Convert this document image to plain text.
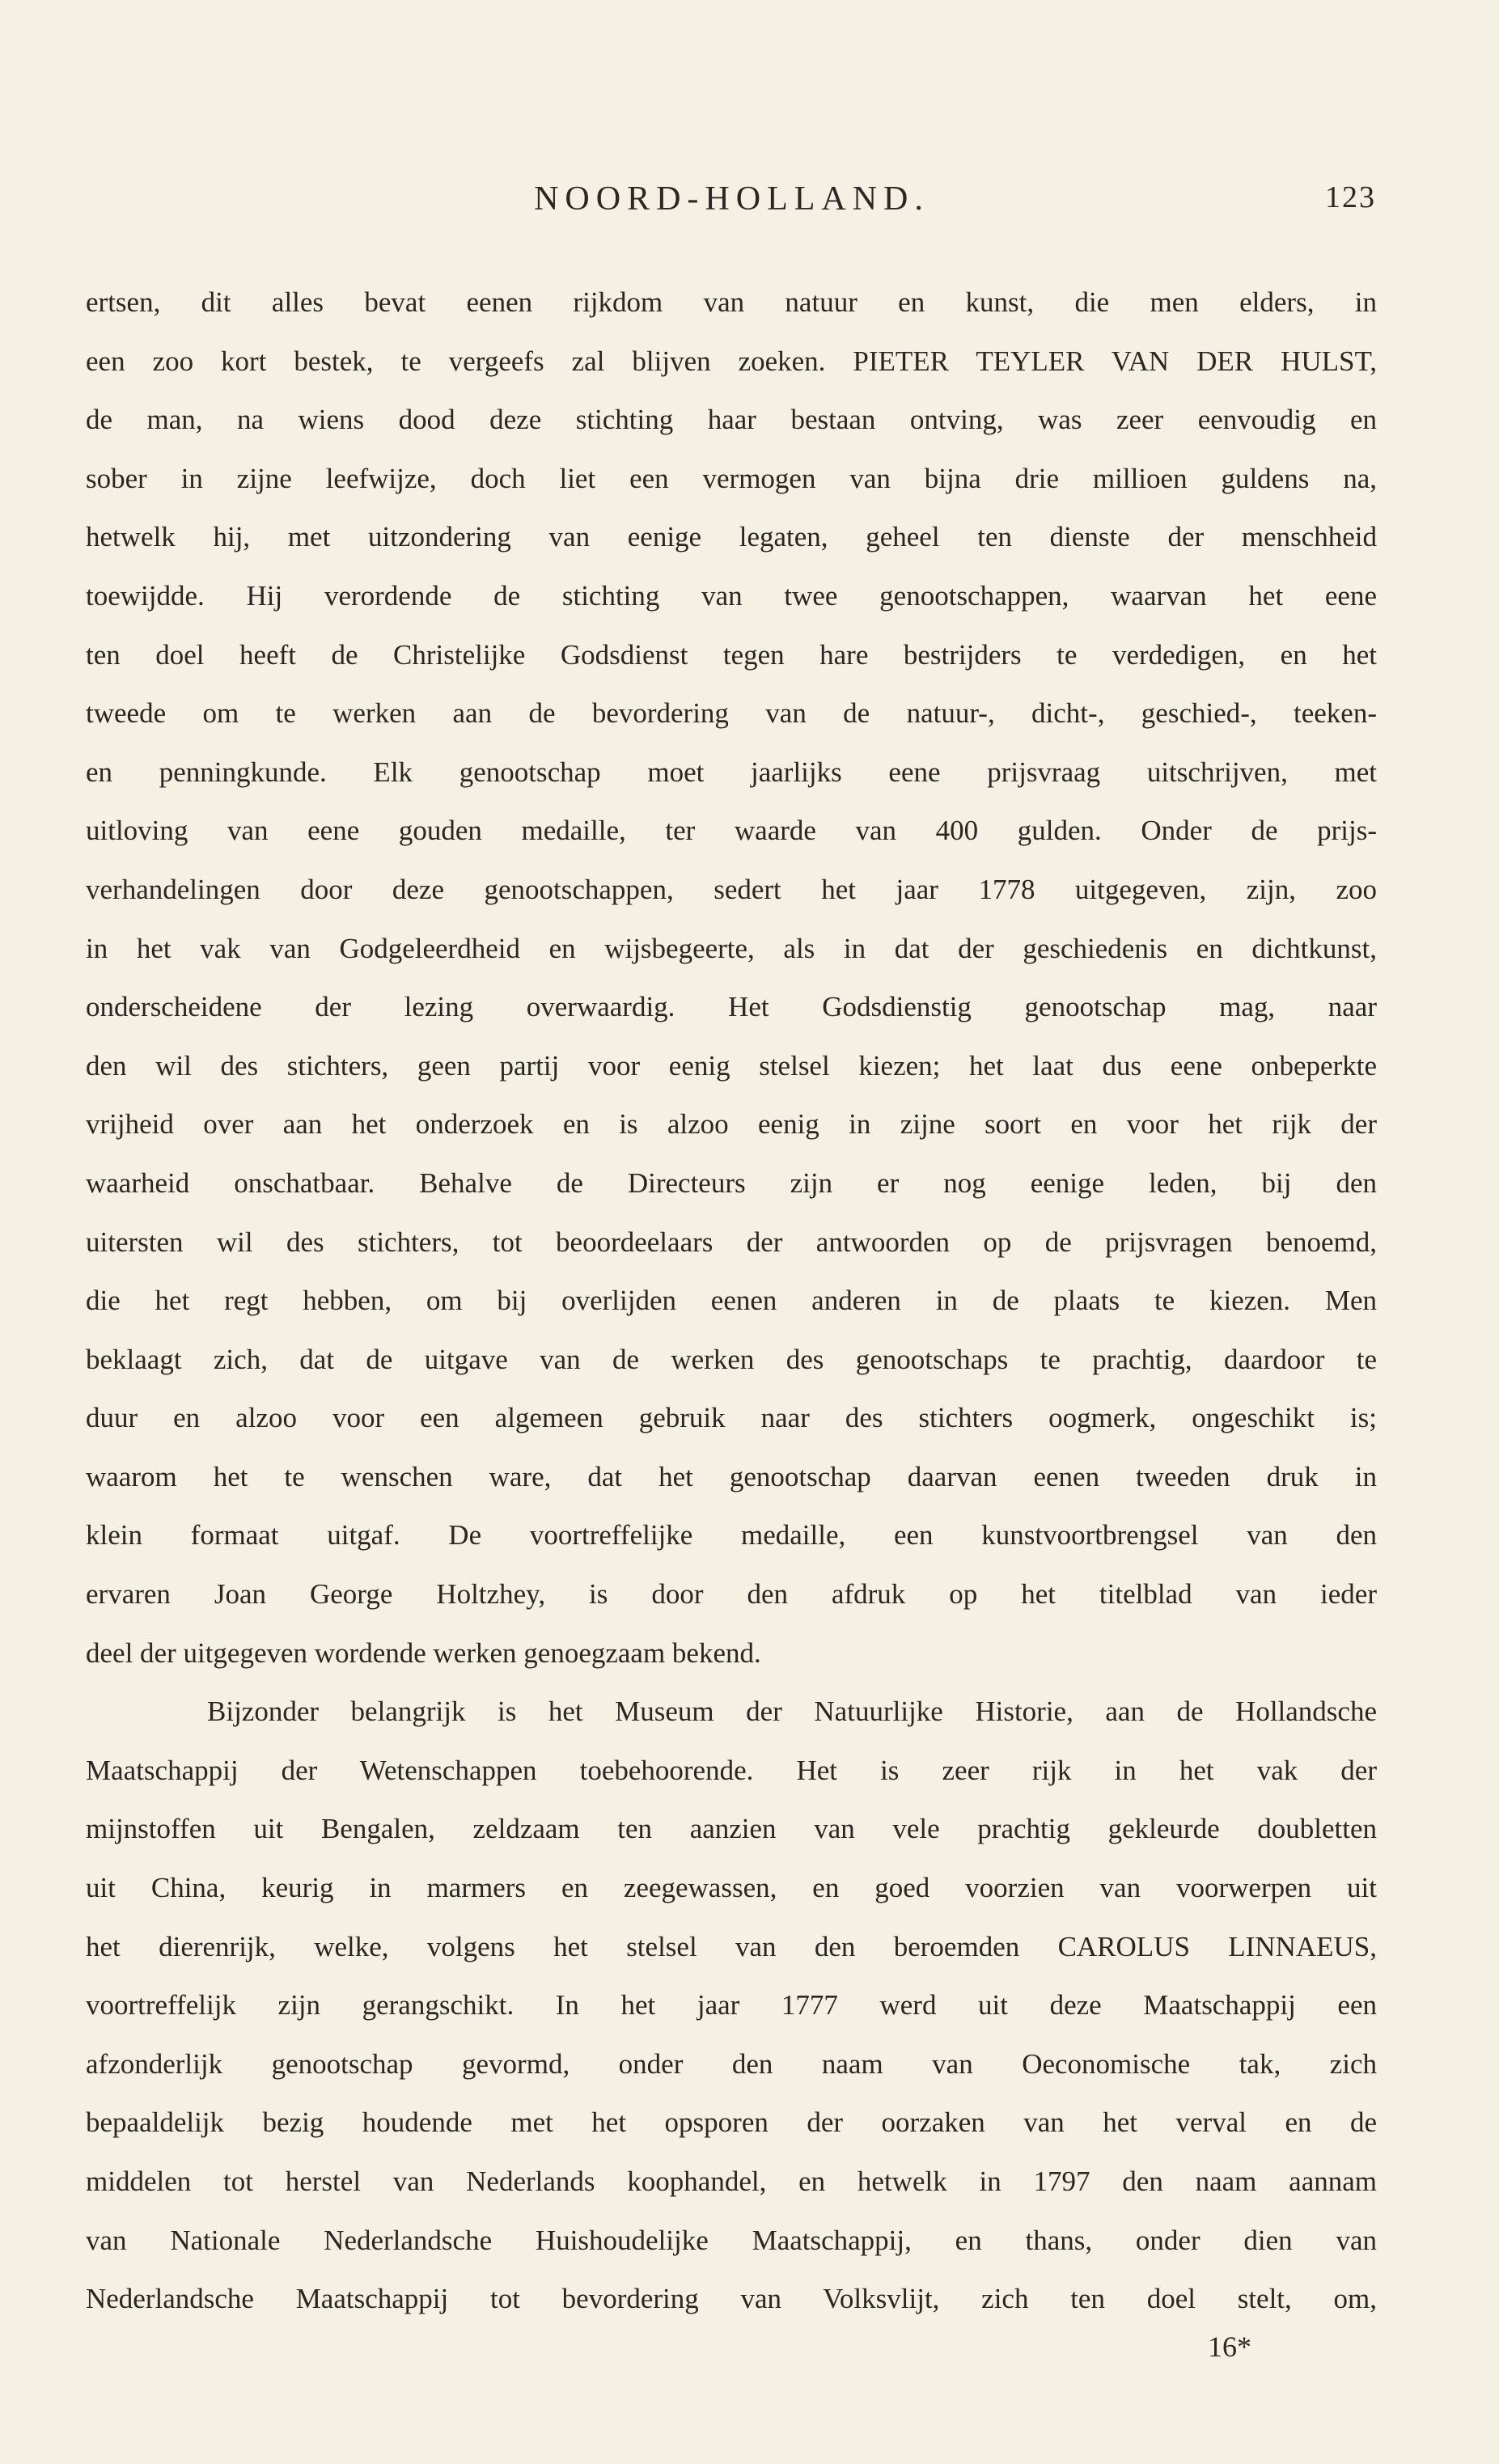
NOORD-HOLLAND.	123
ertsen, dit alles bevat eenen rijkdom van natuur en kunst, die men elders, in
een zoo kort bestek, te vergeefs zal blijven zoeken. PIETER TEYLER VAN DER HULST,
de man, na wiens dood deze stichting haar bestaan ontving, was zeer eenvoudig en
sober in zijne leefwijze, doch liet een vermogen van bijna drie millioen guldens na,
hetwelk hij, met uitzondering van eenige legaten, geheel ten dienste der menschheid
toewijdde. Hij verordende de stichting van twee genootschappen, waarvan het eene
ten doel heeft de Christelijke Godsdienst tegen hare bestrijders te verdedigen, en het
tweede om te werken aan de bevordering van de natuur-, dicht-, geschied-, teeken-
en penningkunde. Elk genootschap moet jaarlijks eene prijsvraag uitschrijven, met
uitloving van eene gouden medaille, ter waarde van 400 gulden. Onder de prijs-
verhandelingen door deze genootschappen, sedert het jaar 1778 uitgegeven, zijn, zoo
in het vak van Godgeleerdheid en wijsbegeerte, als in dat der geschiedenis en dichtkunst,
onderscheidene der lezing overwaardig. Het Godsdienstig genootschap mag, naar
den wil des stichters, geen partij voor eenig stelsel kiezen; het laat dus eene onbeperkte
vrijheid over aan het onderzoek en is alzoo eenig in zijne soort en voor het rijk der
waarheid onschatbaar. Behalve de Directeurs zijn er nog eenige leden, bij den
uitersten wil des stichters, tot beoordeelaars der antwoorden op de prijsvragen benoemd,
die het regt hebben, om bij overlijden eenen anderen in de plaats te kiezen. Men
beklaagt zich, dat de uitgave van de werken des genootschaps te prachtig, daardoor te
duur en alzoo voor een algemeen gebruik naar des stichters oogmerk, ongeschikt is;
waarom het te wenschen ware, dat het genootschap daarvan eenen tweeden druk in
klein formaat uitgaf. De voortreffelijke medaille, een kunstvoortbrengsel van den
ervaren Joan George Holtzhey, is door den afdruk op het titelblad van ieder
deel der uitgegeven wordende werken genoegzaam bekend.
Bijzonder belangrijk is het Museum der Natuurlijke Historie, aan de Hollandsche
Maatschappij der Wetenschappen toebehoorende. Het is zeer rijk in het vak der
mijnstoffen uit Bengalen, zeldzaam ten aanzien van vele prachtig gekleurde doubletten
uit China, keurig in marmers en zeegewassen, en goed voorzien van voorwerpen uit
het dierenrijk, welke, volgens het stelsel van den beroemden CAROLUS LINNAEUS,
voortreffelijk zijn gerangschikt. In het jaar 1777 werd uit deze Maatschappij een
afzonderlijk genootschap gevormd, onder den naam van Oeconomische tak, zich
bepaaldelijk bezig houdende met het opsporen der oorzaken van het verval en de
middelen tot herstel van Nederlands koophandel, en hetwelk in 1797 den naam aannam
van Nationale Nederlandsche Huishoudelijke Maatschappij, en thans, onder dien van
Nederlandsche Maatschappij tot bevordering van Volksvlijt, zich ten doel stelt, om,
16*
